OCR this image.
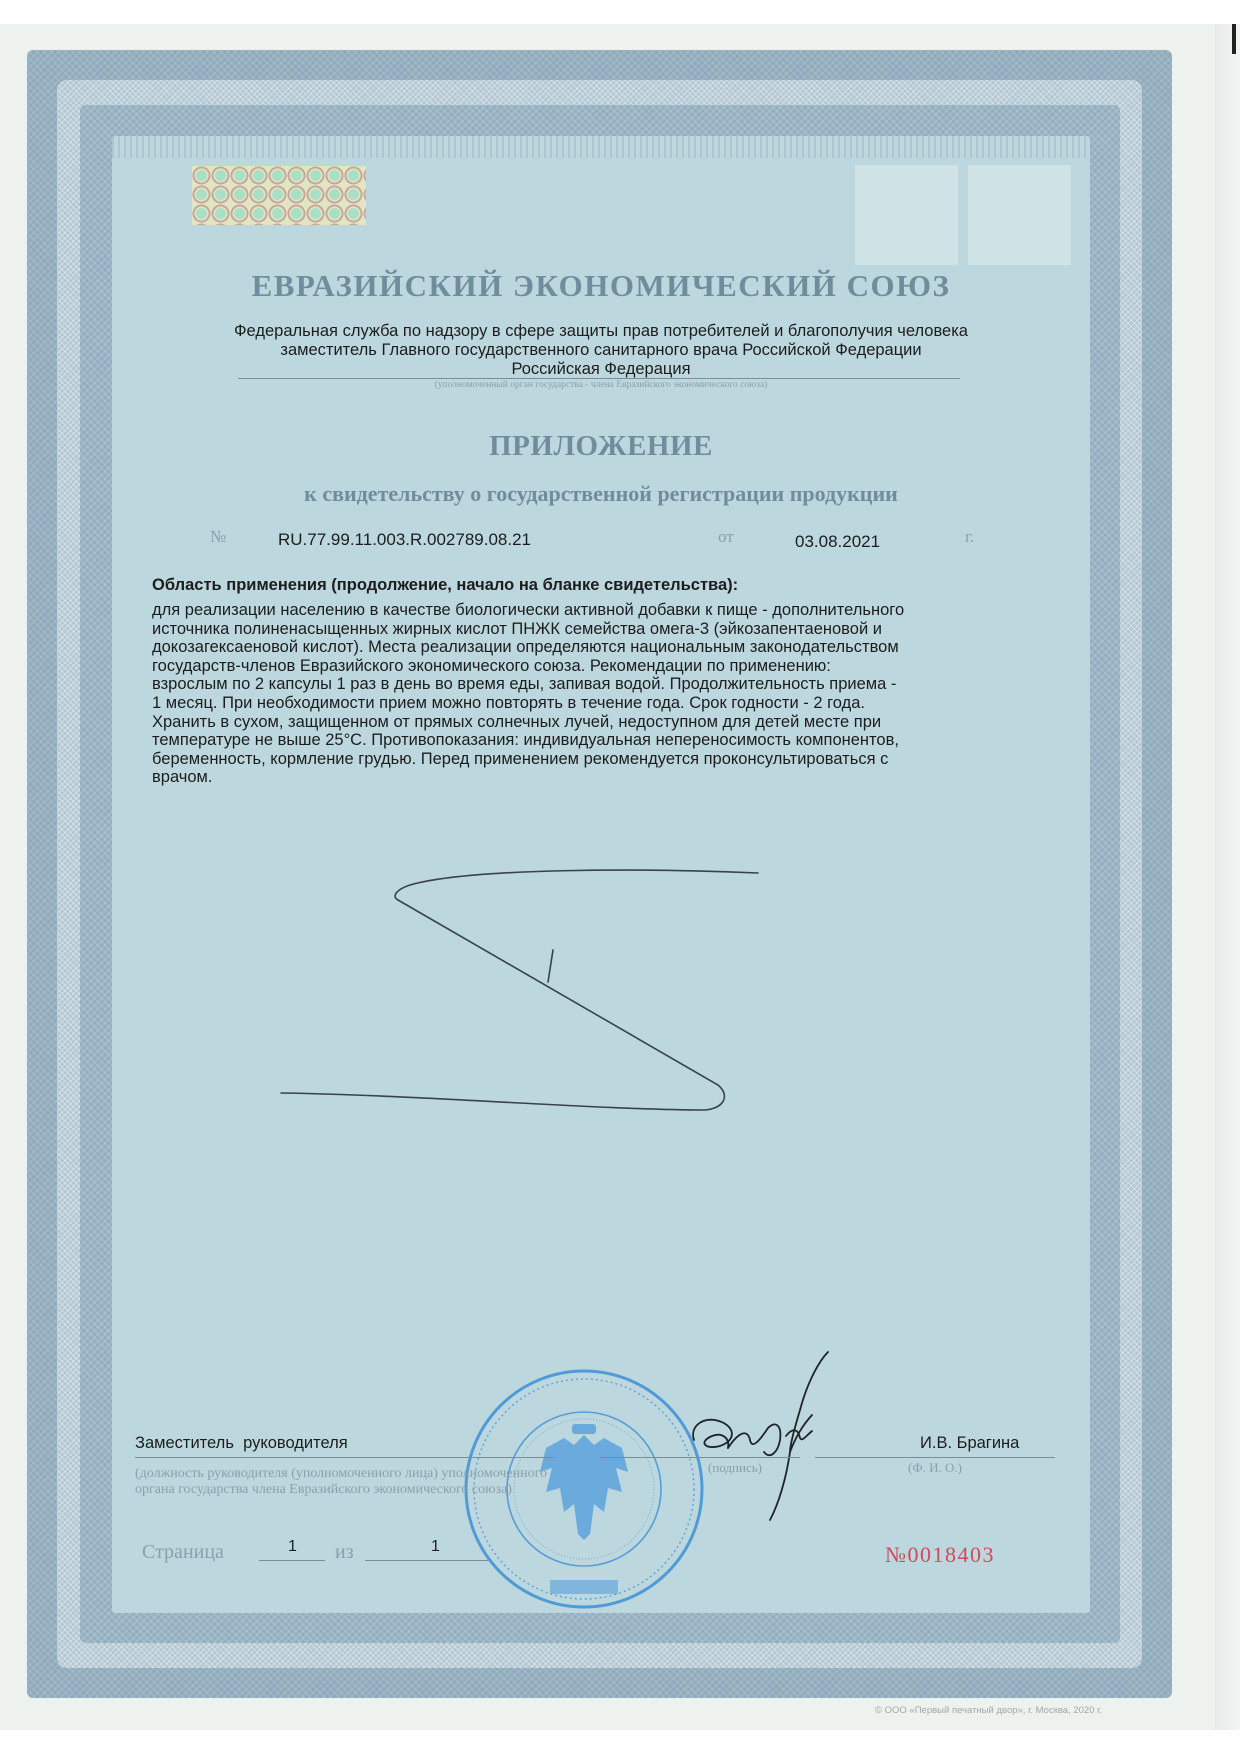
ЕВРАЗИЙСКИЙ ЭКОНОМИЧЕСКИЙ СОЮЗ
Федеральная служба по надзору в сфере защиты прав потребителей и благополучия человека
заместитель Главного государственного санитарного врача Российской Федерации
Российская Федерация
(уполномоченный орган государства - члена Евразийского экономического союза)
ПРИЛОЖЕНИЕ
к свидетельству о государственной регистрации продукции
№	RU.77.99.11.003.R.002789.08.21	от	03.08.2021	г.
Область применения (продолжение, начало на бланке свидетельства):
для реализации населению в качестве биологически активной добавки к пище - дополнительного
источника полиненасыщенных жирных кислот ПНЖК семейства омега-3 (эйкозапентаеновой и
докозагексаеновой кислот). Места реализации определяются национальным законодательством
государств-членов Евразийского экономического союза. Рекомендации по применению:
взрослым по 2 капсулы 1 раз в день во время еды, запивая водой. Продолжительность приема -
1 месяц. При необходимости прием можно повторять в течение года. Срок годности - 2 года.
Хранить в сухом, защищенном от прямых солнечных лучей, недоступном для детей месте при
температуре не выше 25°С. Противопоказания: индивидуальная непереносимость компонентов,
беременность, кормление грудью. Перед применением рекомендуется проконсультироваться с
врачом.
Заместитель  руководителя	И.В. Брагина
(должность руководителя (уполномоченного лица) уполномоченного органа государства члена Евразийского экономического союза)
(подпись)	(Ф. И. О.)
Страница	1 из	1	№0018403
© ООО «Первый печатный двор», г. Москва, 2020 г.
